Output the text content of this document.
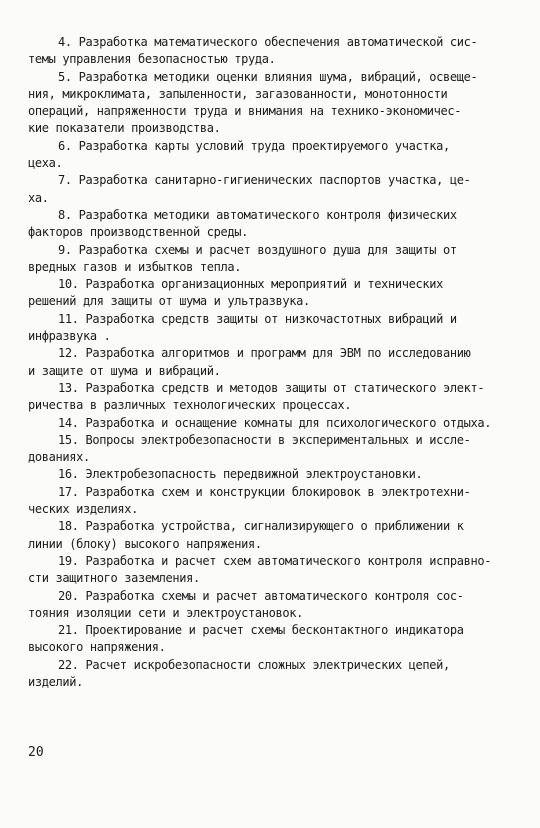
4. Разработка математического обеспечения автоматической сис-
темы управления безопасностью труда.
5. Разработка методики оценки влияния шума, вибраций, освеще-
ния, микроклимата, запыленности, загазованности, монотонности
операций, напряженности труда и внимания на технико-экономичес-
кие показатели производства.
6. Разработка карты условий труда проектируемого участка,
цеха.
7. Разработка санитарно-гигиенических паспортов участка, це-
ха.
8. Разработка методики автоматического контроля физических
факторов производственной среды.
9. Разработка схемы и расчет воздушного душа для защиты от
вредных газов и избытков тепла.
10. Разработка организационных мероприятий и технических
решений для защиты от шума и ультразвука.
11. Разработка средств защиты от низкочастотных вибраций и
инфразвука .
12. Разработка алгоритмов и программ для ЭВМ по исследованию
и защите от шума и вибраций.
13. Разработка средств и методов защиты от статического элект-
ричества в различных технологических процессах.
14. Разработка и оснащение комнаты для психологического отдыха.
15. Вопросы электробезопасности в экспериментальных и иссле-
дованиях.
16. Электробезопасность передвижной электроустановки.
17. Разработка схем и конструкции блокировок в электротехни-
ческих изделиях.
18. Разработка устройства, сигнализирующего о приближении к
линии (блоку) высокого напряжения.
19. Разработка и расчет схем автоматического контроля исправно-
сти защитного заземления.
20. Разработка схемы и расчет автоматического контроля сос-
тояния изоляции сети и электроустановок.
21. Проектирование и расчет схемы бесконтактного индикатора
высокого напряжения.
22. Расчет искробезопасности сложных электрических цепей,
изделий.
20
